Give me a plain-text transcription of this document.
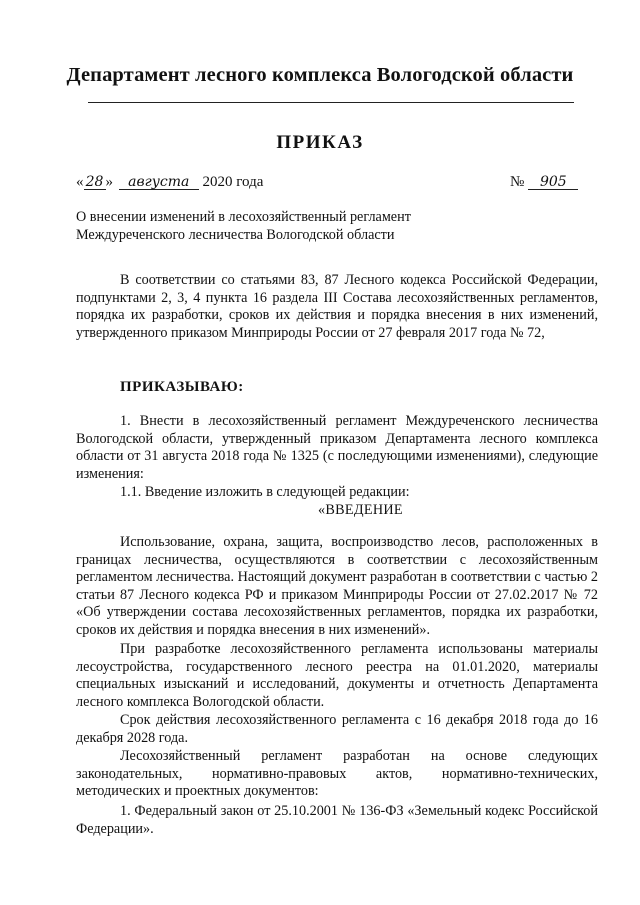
Департамент лесного комплекса Вологодской области
ПРИКАЗ
« 28 » августа 2020 года	№ 905
О внесении изменений в лесохозяйственный регламент Междуреченского лесничества Вологодской области
В соответствии со статьями 83, 87 Лесного кодекса Российской Федерации, подпунктами 2, 3, 4 пункта 16 раздела III Состава лесохозяйственных регламентов, порядка их разработки, сроков их действия и порядка внесения в них изменений, утвержденного приказом Минприроды России от 27 февраля 2017 года № 72,
ПРИКАЗЫВАЮ:
1. Внести в лесохозяйственный регламент Междуреченского лесничества Вологодской области, утвержденный приказом Департамента лесного комплекса области от 31 августа 2018 года № 1325 (с последующими изменениями), следующие изменения:
1.1. Введение изложить в следующей редакции:
«ВВЕДЕНИЕ
Использование, охрана, защита, воспроизводство лесов, расположенных в границах лесничества, осуществляются в соответствии с лесохозяйственным регламентом лесничества. Настоящий документ разработан в соответствии с частью 2 статьи 87 Лесного кодекса РФ и приказом Минприроды России от 27.02.2017 № 72 «Об утверждении состава лесохозяйственных регламентов, порядка их разработки, сроков их действия и порядка внесения в них изменений».
При разработке лесохозяйственного регламента использованы материалы лесоустройства, государственного лесного реестра на 01.01.2020, материалы специальных изысканий и исследований, документы и отчетность Департамента лесного комплекса Вологодской области.
Срок действия лесохозяйственного регламента с 16 декабря 2018 года до 16 декабря 2028 года.
Лесохозяйственный регламент разработан на основе следующих законодательных, нормативно-правовых актов, нормативно-технических, методических и проектных документов:
1. Федеральный закон от 25.10.2001 № 136-ФЗ «Земельный кодекс Российской Федерации».
